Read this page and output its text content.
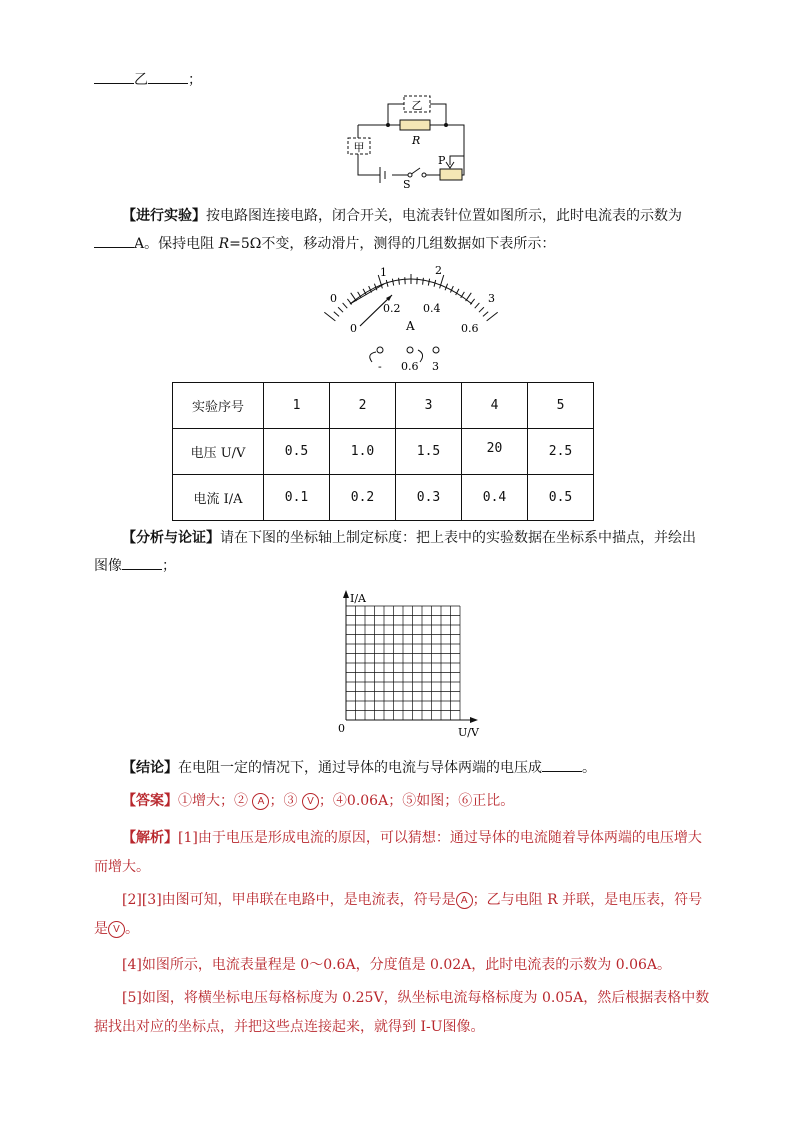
乙	；
乙
甲
R
P
S
【进行实验】按电路图连接电路，闭合开关，电流表针位置如图所示，此时电流表的示数为
A。保持电阻 R=5Ω不变，移动滑片，测得的几组数据如下表所示：
0
1	2
3
0
0.2 0.4
0.6
A
- 0.6 3
实验序号	1	2	3	4	5
电压 U/V	0.5	1.0	1.5	20	2.5
电流 I/A	0.1	0.2	0.3	0.4	0.5
【分析与论证】请在下图的坐标轴上制定标度：把上表中的实验数据在坐标系中描点，并绘出
图像	；
I/A
U/V
0
【结论】在电阻一定的情况下，通过导体的电流与导体两端的电压成	。
【答案】①增大；② A ；③ V ；④0.06A；⑤如图；⑥正比。
【解析】[1]由于电压是形成电流的原因，可以猜想：通过导体的电流随着导体两端的电压增大
而增大。
[2][3]由图可知，甲串联在电路中，是电流表，符号是 A ；乙与电阻 R 并联，是电压表，符号
是 V 。
[4]如图所示，电流表量程是 0～0.6A，分度值是 0.02A，此时电流表的示数为 0.06A。
[5]如图，将横坐标电压每格标度为 0.25V，纵坐标电流每格标度为 0.05A，然后根据表格中数
据找出对应的坐标点，并把这些点连接起来，就得到 I-U图像。
